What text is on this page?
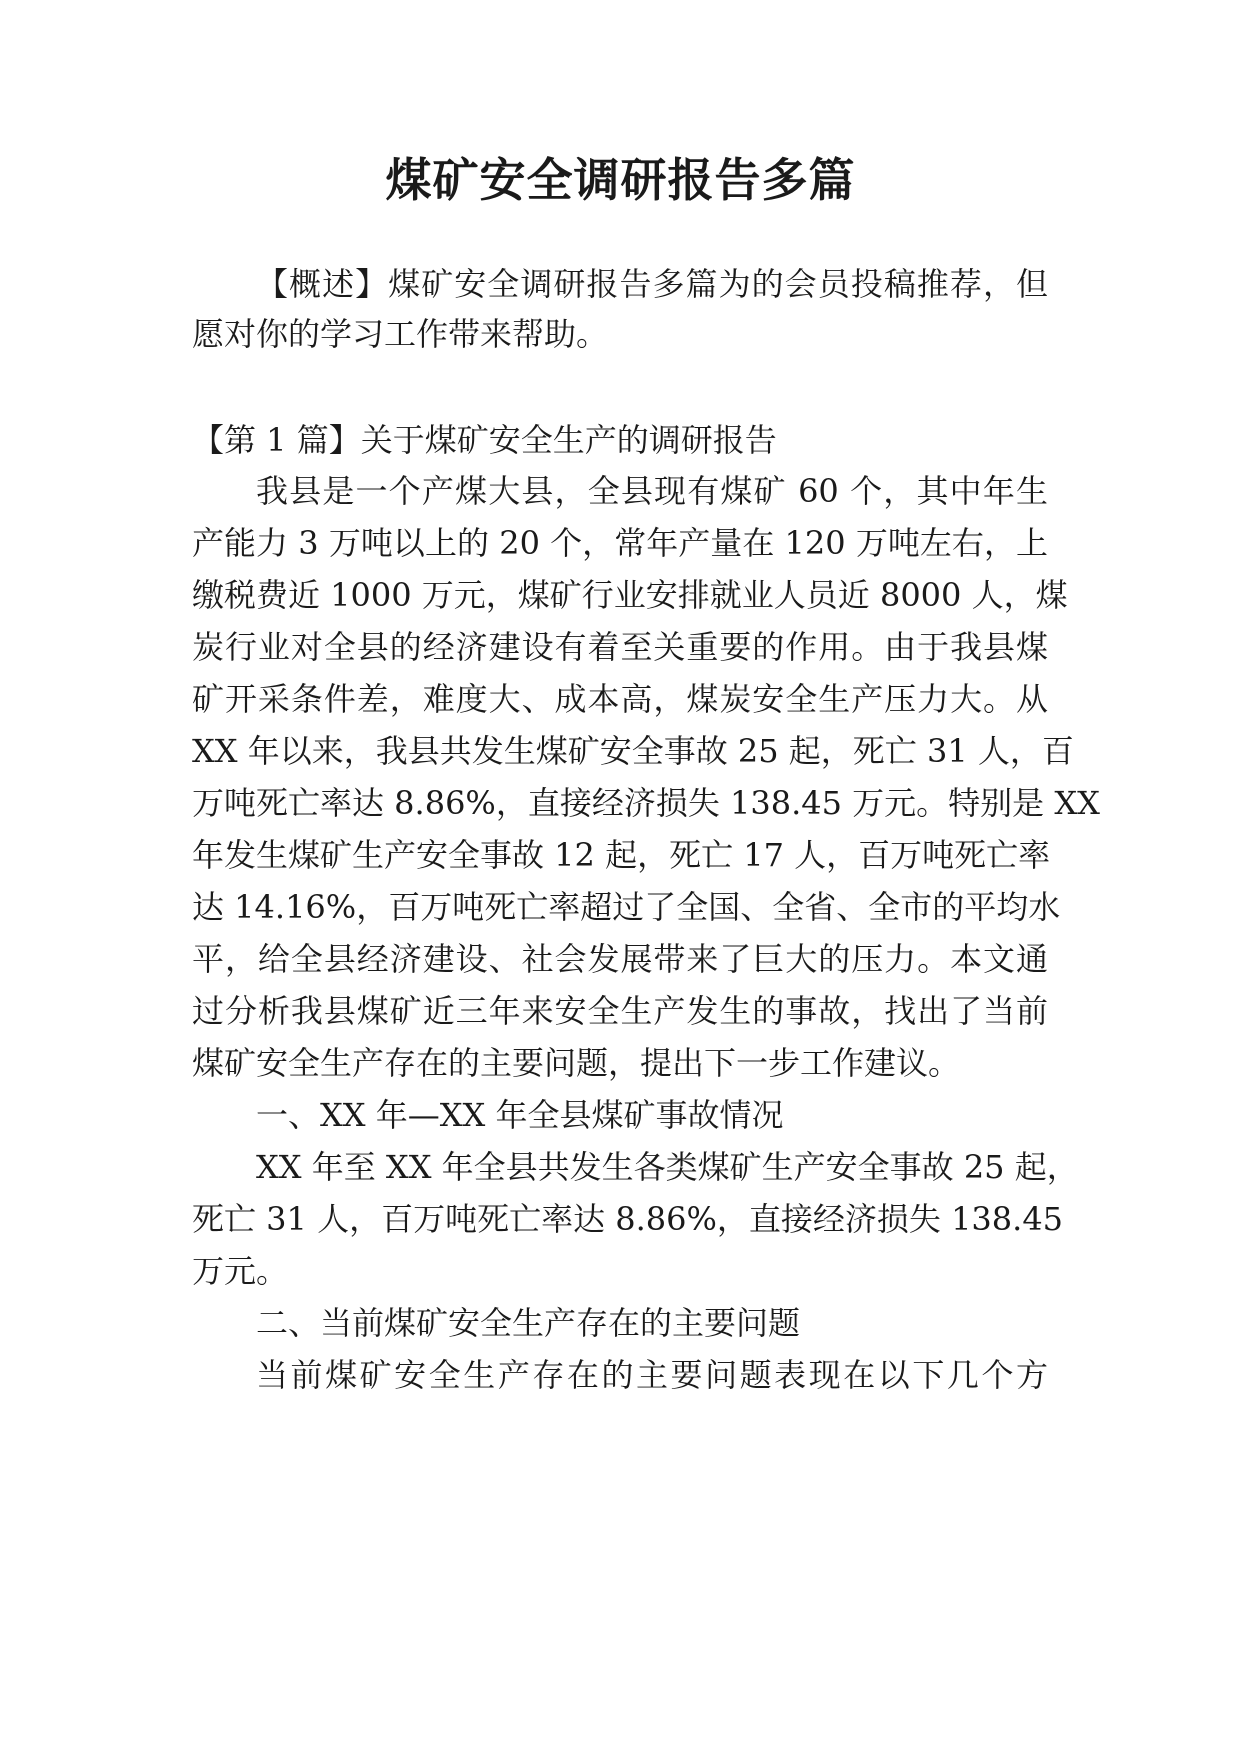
煤矿安全调研报告多篇
【概述】煤矿安全调研报告多篇为的会员投稿推荐，但
愿对你的学习工作带来帮助。
【第 1 篇】关于煤矿安全生产的调研报告
我县是一个产煤大县，全县现有煤矿 60 个，其中年生
产能力 3 万吨以上的 20 个，常年产量在 120 万吨左右，上
缴税费近 1000 万元，煤矿行业安排就业人员近 8000 人，煤
炭行业对全县的经济建设有着至关重要的作用。由于我县煤
矿开采条件差，难度大、成本高，煤炭安全生产压力大。从
XX 年以来，我县共发生煤矿安全事故 25 起，死亡 31 人，百
万吨死亡率达 8.86%，直接经济损失 138.45 万元。特别是 XX
年发生煤矿生产安全事故 12 起，死亡 17 人，百万吨死亡率
达 14.16%，百万吨死亡率超过了全国、全省、全市的平均水
平，给全县经济建设、社会发展带来了巨大的压力。本文通
过分析我县煤矿近三年来安全生产发生的事故，找出了当前
煤矿安全生产存在的主要问题，提出下一步工作建议。
一、XX 年—XX 年全县煤矿事故情况
XX 年至 XX 年全县共发生各类煤矿生产安全事故 25 起，
死亡 31 人，百万吨死亡率达 8.86%，直接经济损失 138.45
万元。
二、当前煤矿安全生产存在的主要问题
当前煤矿安全生产存在的主要问题表现在以下几个方
